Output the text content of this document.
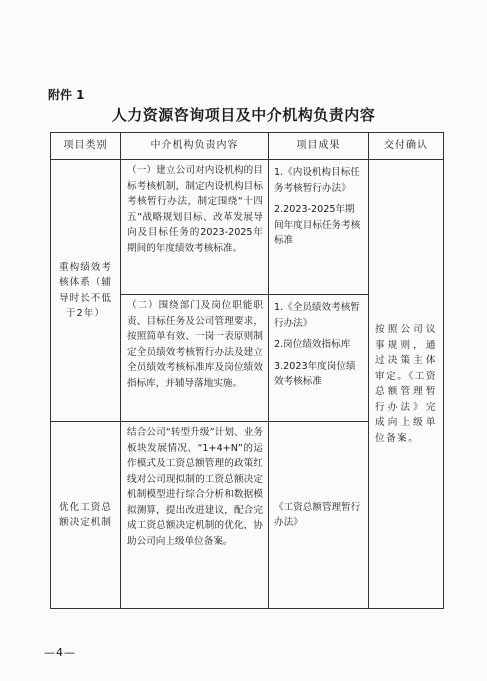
附件 1
人力资源咨询项目及中介机构负责内容
项目类别	中介机构负责内容	项目成果	交付确认
重构绩效考核体系（辅导时长不低于2年）	（一）建立公司对内设机构的目标考核机制，制定内设机构目标考核暂行办法，制定围绕“十四五”战略规划目标、改革发展导向及目标任务的2023-2025年期间的年度绩效考核标准。	1.《内设机构目标任务考核暂行办法》

2.2023-2025年期间年度目标任务考核标准	按照公司议事规则，通过决策主体审定。《工资总额管理暂行办法》完成向上级单位备案。
	（二）围绕部门及岗位职能职责、目标任务及公司管理要求，按照简单有效、一岗一表原则制定全员绩效考核暂行办法及建立全员绩效考核标准库及岗位绩效指标库，并辅导落地实施。	1.《全员绩效考核暂行办法》

2.岗位绩效指标库

3.2023年度岗位绩效考核标准	

优化工资总额决定机制	结合公司“转型升级”计划、业务板块发展情况、“1+4+N”的运作模式及工资总额管理的政策红线对公司现拟制的工资总额决定机制模型进行综合分析和数据模拟测算，提出改进建议，配合完成工资总额决定机制的优化，协助公司向上级单位备案。	《工资总额管理暂行办法》	

—4—
